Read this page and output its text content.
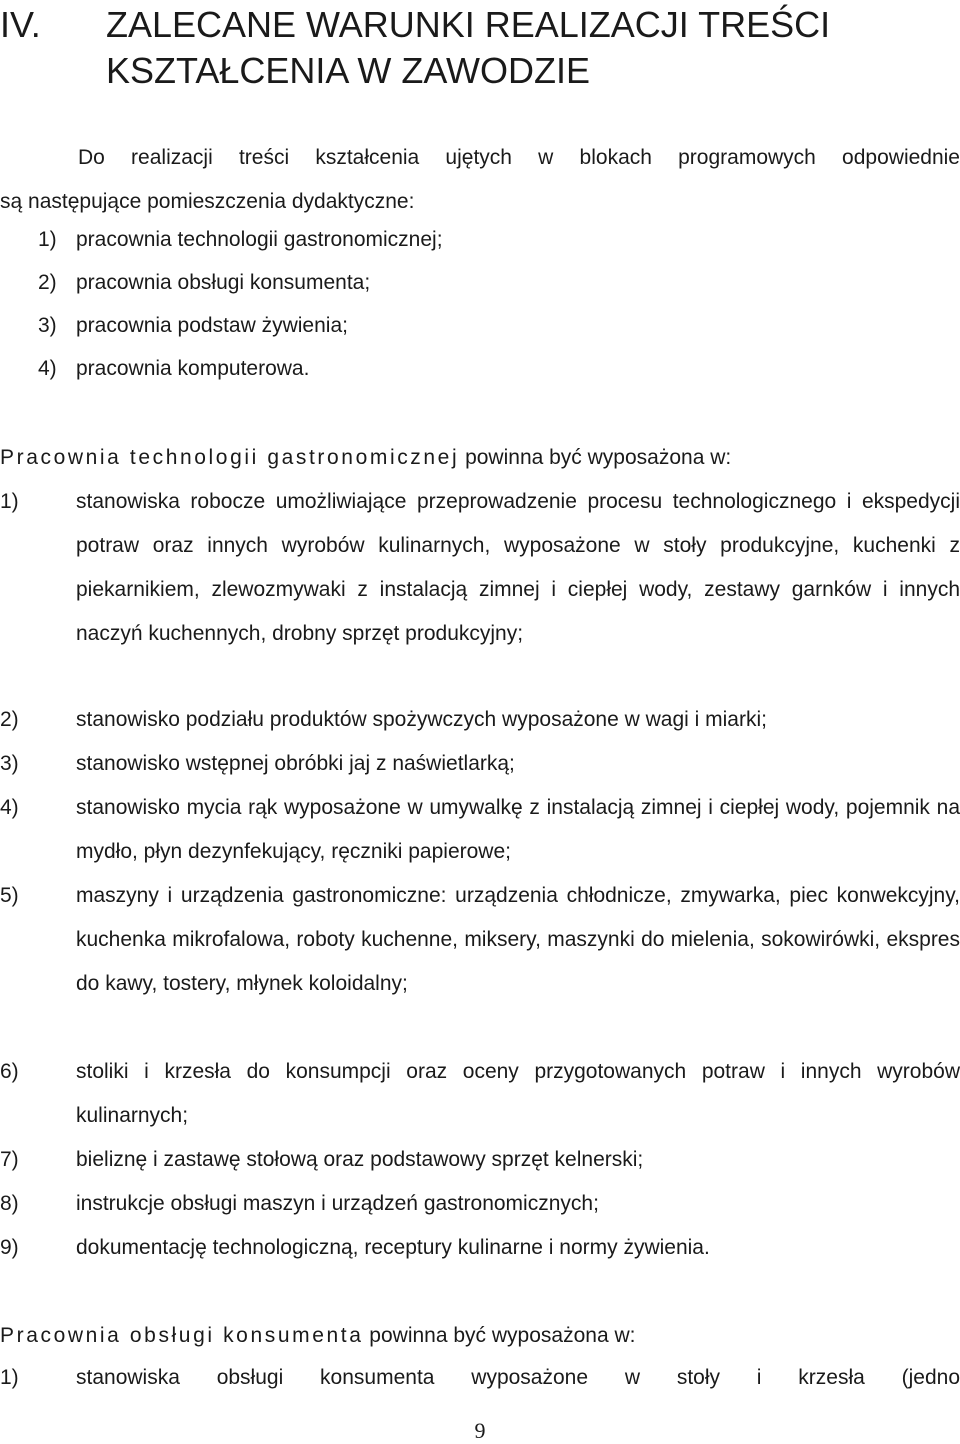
IV. ZALECANE WARUNKI REALIZACJI TREŚCI KSZTAŁCENIA W ZAWODZIE
Do realizacji treści kształcenia ujętych w blokach programowych odpowiednie
są następujące pomieszczenia dydaktyczne:
1) pracownia technologii gastronomicznej;
2) pracownia obsługi konsumenta;
3) pracownia podstaw żywienia;
4) pracownia komputerowa.
Pracownia technologii gastronomicznej powinna być wyposażona w:
1)	stanowiska robocze umożliwiające przeprowadzenie procesu technologicznego i ekspedycji potraw oraz innych wyrobów kulinarnych, wyposażone w stoły produkcyjne, kuchenki z piekarnikiem, zlewozmywaki z instalacją zimnej i ciepłej wody, zestawy garnków i innych naczyń kuchennych, drobny sprzęt produkcyjny;
2)	stanowisko podziału produktów spożywczych wyposażone w wagi i miarki;
3)	stanowisko wstępnej obróbki jaj z naświetlarką;
4)	stanowisko mycia rąk wyposażone w umywalkę z instalacją zimnej i ciepłej wody, pojemnik na mydło, płyn dezynfekujący, ręczniki papierowe;
5)	maszyny i urządzenia gastronomiczne: urządzenia chłodnicze, zmywarka, piec konwekcyjny, kuchenka mikrofalowa, roboty kuchenne, miksery, maszynki do mielenia, sokowirówki, ekspres do kawy, tostery, młynek koloidalny;
6)	stoliki i krzesła do konsumpcji oraz oceny przygotowanych potraw i innych wyrobów kulinarnych;
7)	bieliznę i zastawę stołową oraz podstawowy sprzęt kelnerski;
8)	instrukcje obsługi maszyn i urządzeń gastronomicznych;
9)	dokumentację technologiczną, receptury kulinarne i normy żywienia.
Pracownia obsługi konsumenta powinna być wyposażona w:
1)	stanowiska obsługi konsumenta wyposażone w stoły i krzesła (jedno
9
